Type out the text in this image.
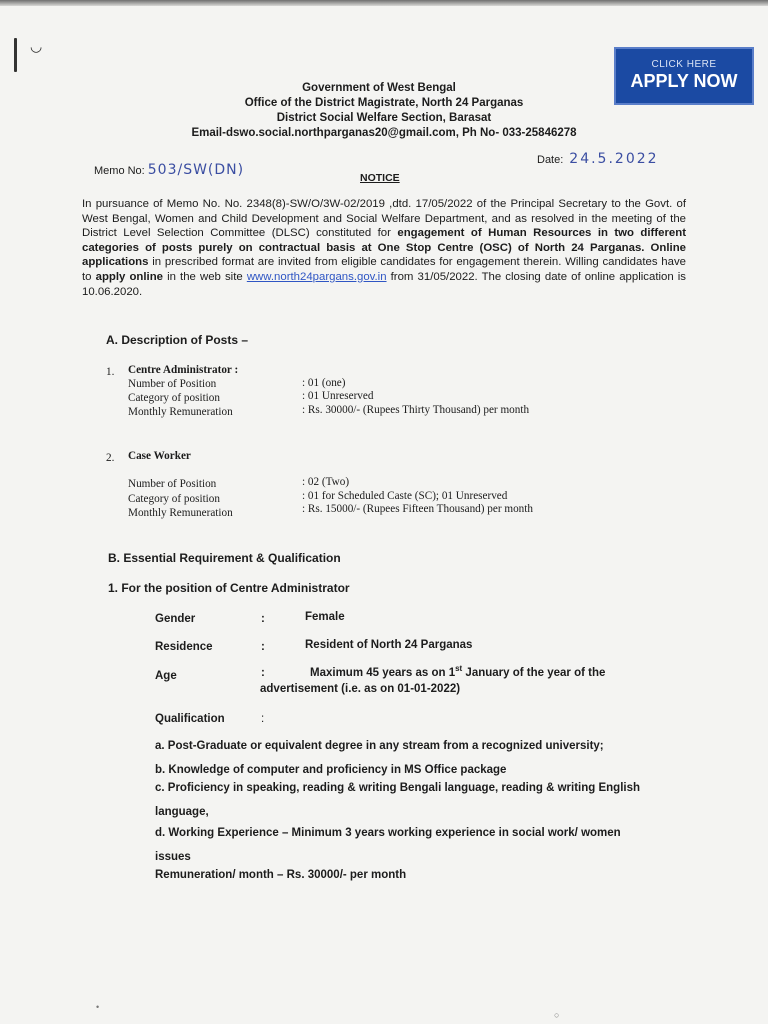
◡
CLICK HERE
APPLY NOW
Government of West Bengal
Office of the District Magistrate, North 24 Parganas
District Social Welfare Section, Barasat
Email-dswo.social.northparganas20@gmail.com, Ph No- 033-25846278
Memo No: 503/SW(DN)
Date: 24.5.2022
NOTICE
In pursuance of Memo No. No. 2348(8)-SW/O/3W-02/2019 ,dtd. 17/05/2022 of the Principal Secretary to the Govt. of West Bengal, Women and Child Development and Social Welfare Department, and as resolved in the meeting of the District Level Selection Committee (DLSC) constituted for engagement of Human Resources in two different categories of posts purely on contractual basis at One Stop Centre (OSC) of North 24 Parganas. Online applications in prescribed format are invited from eligible candidates for engagement therein. Willing candidates have to apply online in the web site www.north24pargans.gov.in from 31/05/2022. The closing date of online application is 10.06.2020.
A. Description of Posts –
1. Centre Administrator :
Number of Position	: 01 (one)
Category of position	: 01 Unreserved
Monthly Remuneration	: Rs. 30000/- (Rupees Thirty Thousand) per month
2. Case Worker
Number of Position	: 02 (Two)
Category of position	: 01 for Scheduled Caste (SC); 01 Unreserved
Monthly Remuneration	: Rs. 15000/- (Rupees Fifteen Thousand) per month
B. Essential Requirement & Qualification
1. For the position of Centre Administrator
Gender	:	Female
Residence	:	Resident of North 24 Parganas
Age	:	Maximum 45 years as on 1st January of the year of the
advertisement (i.e. as on 01-01-2022)
Qualification	:
a. Post-Graduate or equivalent degree in any stream from a recognized university;
b. Knowledge of computer and proficiency in MS Office package
c. Proficiency in speaking, reading & writing Bengali language, reading & writing English
language,
d. Working Experience – Minimum 3 years working experience in social work/ women
issues
Remuneration/ month – Rs. 30000/- per month
•
○
